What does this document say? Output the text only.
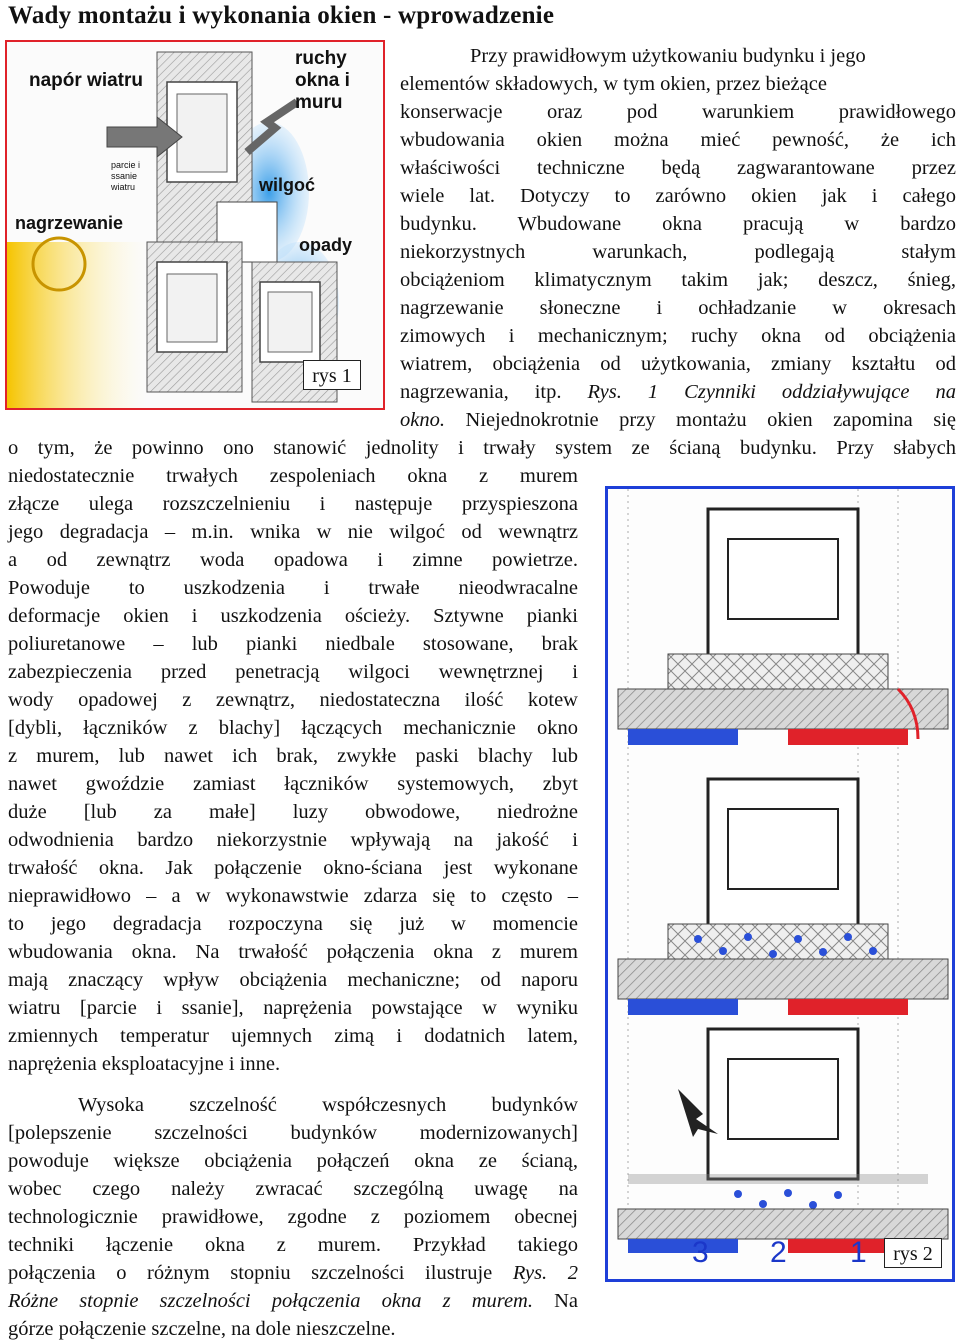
Wady montażu i wykonania okien - wprowadzenie
napór wiatru
ruchy okna i muru
parcie i ssanie wiatru	wilgoć
nagrzewanie
opady
rys 1
3 2 1	rys 2
Przy prawidłowym użytkowaniu budynku i jego
elementów składowych, w tym okien, przez bieżące
konserwacje oraz pod warunkiem prawidłowego
wbudowania okien można mieć pewność, że ich
właściwości techniczne będą zagwarantowane przez
wiele lat. Dotyczy to zarówno okien jak i całego
budynku. Wbudowane okna pracują w bardzo
niekorzystnych warunkach, podlegają stałym
obciążeniom klimatycznym takim jak; deszcz, śnieg,
nagrzewanie słoneczne i ochładzanie w okresach
zimowych i mechanicznym; ruchy okna od obciążenia
wiatrem, obciążenia od użytkowania, zmiany kształtu od
nagrzewania, itp. Rys. 1 Czynniki oddziaływujące na
okno. Niejednokrotnie przy montażu okien zapomina się
o tym, że powinno ono stanowić jednolity i trwały system ze ścianą budynku. Przy słabych
niedostatecznie trwałych zespoleniach okna z murem
złącze ulega rozszczelnieniu i następuje przyspieszona
jego degradacja – m.in. wnika w nie wilgoć od wewnątrz
a od zewnątrz woda opadowa i zimne powietrze.
Powoduje to uszkodzenia i trwałe nieodwracalne
deformacje okien i uszkodzenia ościeży. Sztywne pianki
poliuretanowe – lub pianki niedbale stosowane, brak
zabezpieczenia przed penetracją wilgoci wewnętrznej i
wody opadowej z zewnątrz, niedostateczna ilość kotew
[dybli, łączników z blachy] łączących mechanicznie okno
z murem, lub nawet ich brak, zwykłe paski blachy lub
nawet gwoździe zamiast łączników systemowych, zbyt
duże [lub za małe] luzy obwodowe, niedrożne
odwodnienia bardzo niekorzystnie wpływają na jakość i
trwałość okna. Jak połączenie okno-ściana jest wykonane
nieprawidłowo – a w wykonawstwie zdarza się to często –
to jego degradacja rozpoczyna się już w momencie
wbudowania okna. Na trwałość połączenia okna z murem
mają znaczący wpływ obciążenia mechaniczne; od naporu
wiatru [parcie i ssanie], naprężenia powstające w wyniku
zmiennych temperatur ujemnych zimą i dodatnich latem,
naprężenia eksploatacyjne i inne.
Wysoka szczelność współczesnych budynków
[polepszenie szczelności budynków modernizowanych]
powoduje większe obciążenia połączeń okna ze ścianą,
wobec czego należy zwracać szczególną uwagę na
technologicznie prawidłowe, zgodne z poziomem obecnej
techniki łączenie okna z murem. Przykład takiego
połączenia o różnym stopniu szczelności ilustruje Rys. 2
Różne stopnie szczelności połączenia okna z murem. Na
górze połączenie szczelne, na dole nieszczelne.
